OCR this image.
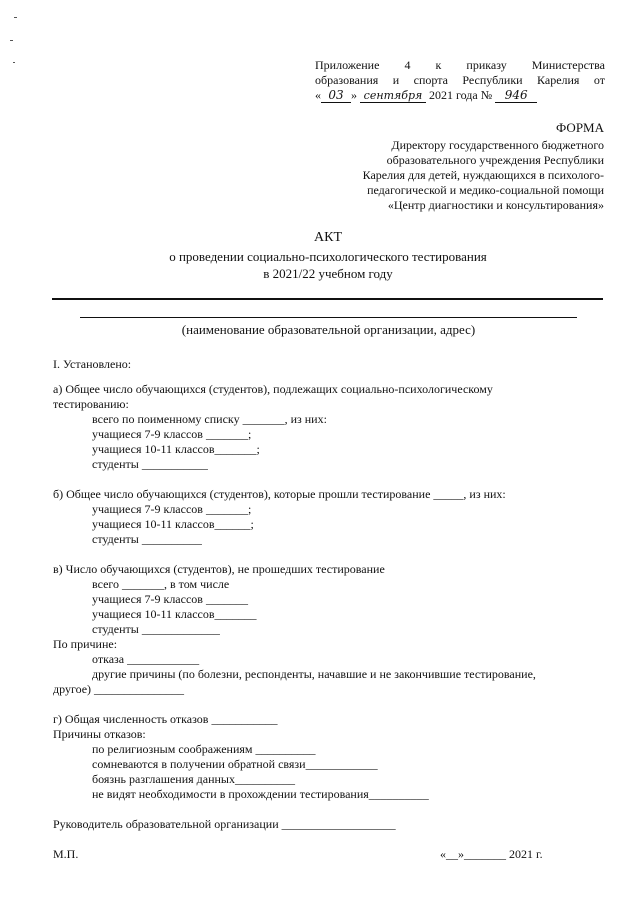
Приложение 4 к приказу Министерства
образования и спорта Республики Карелия от
« 03 » сентября 2021 года № 946
ФОРМА
Директору государственного бюджетного
образовательного учреждения Республики
Карелия для детей, нуждающихся в психолого-
педагогической и медико-социальной помощи
«Центр диагностики и консультирования»
АКТ
о проведении социально-психологического тестирования
в 2021/22 учебном году
(наименование образовательной организации, адрес)
I. Установлено:
а) Общее число обучающихся (студентов), подлежащих социально-психологическому
тестированию:
всего по поименному списку _______, из них:
учащиеся 7-9 классов _______;
учащиеся 10-11 классов_______;
студенты ___________
б) Общее число обучающихся (студентов), которые прошли тестирование _____, из них:
учащиеся 7-9 классов _______;
учащиеся 10-11 классов______;
студенты __________
в) Число обучающихся (студентов), не прошедших тестирование
всего _______, в том числе
учащиеся 7-9 классов _______
учащиеся 10-11 классов_______
студенты _____________
По причине:
отказа ____________
другие причины (по болезни, респонденты, начавшие и не закончившие тестирование,
другое) _______________
г) Общая численность отказов ___________
Причины отказов:
по религиозным соображениям __________
сомневаются в получении обратной связи____________
боязнь разглашения данных__________
не видят необходимости в прохождении тестирования__________
Руководитель образовательной организации ___________________
М.П.	«__»_______ 2021 г.
